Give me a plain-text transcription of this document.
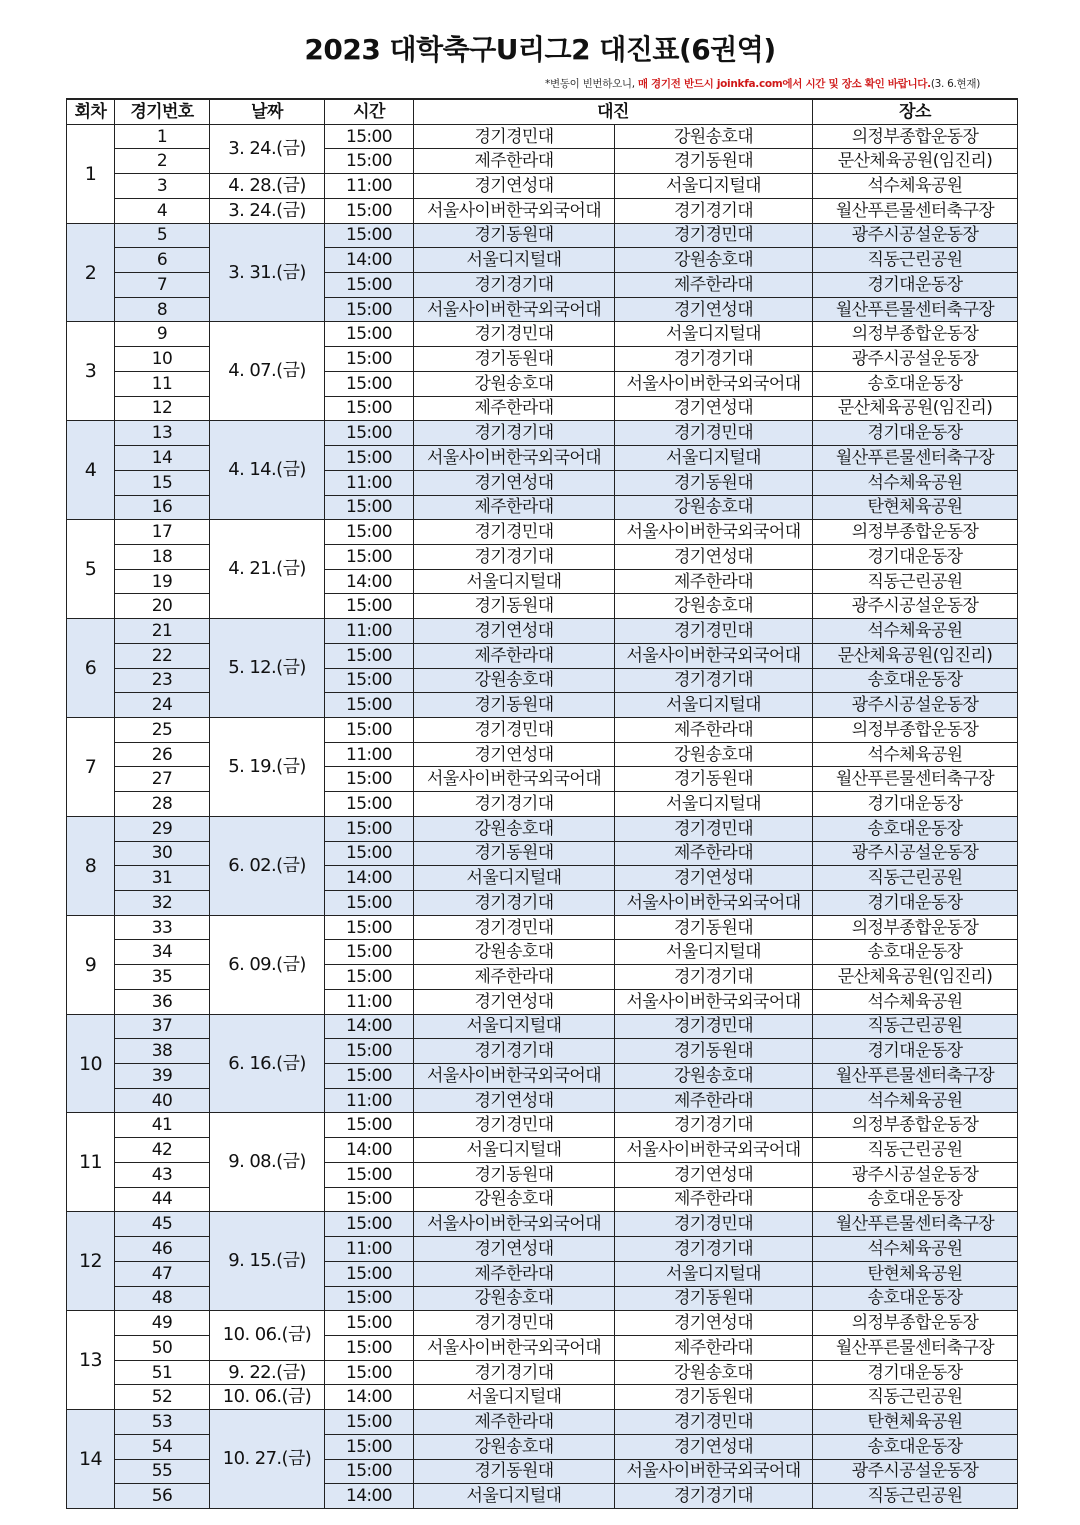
2023 대학축구U리그2 대진표(6권역)
*변동이 빈번하오니, 매 경기전 반드시 joinkfa.com에서 시간 및 장소 확인 바랍니다.(3. 6.현재)
회차	경기번호	날짜	시간	대진		장소
1	1	3. 24.(금)	15:00	경기경민대	강원송호대	의정부종합운동장
	2		15:00	제주한라대	경기동원대	문산체육공원(임진리)
	3	4. 28.(금)	11:00	경기연성대	서울디지털대	석수체육공원
	4	3. 24.(금)	15:00	서울사이버한국외국어대	경기경기대	월산푸른물센터축구장
2	5	3. 31.(금)	15:00	경기동원대	경기경민대	광주시공설운동장
	6		14:00	서울디지털대	강원송호대	직동근린공원
	7		15:00	경기경기대	제주한라대	경기대운동장
	8		15:00	서울사이버한국외국어대	경기연성대	월산푸른물센터축구장
3	9	4. 07.(금)	15:00	경기경민대	서울디지털대	의정부종합운동장
	10		15:00	경기동원대	경기경기대	광주시공설운동장
	11		15:00	강원송호대	서울사이버한국외국어대	송호대운동장
	12		15:00	제주한라대	경기연성대	문산체육공원(임진리)
4	13	4. 14.(금)	15:00	경기경기대	경기경민대	경기대운동장
	14		15:00	서울사이버한국외국어대	서울디지털대	월산푸른물센터축구장
	15		11:00	경기연성대	경기동원대	석수체육공원
	16		15:00	제주한라대	강원송호대	탄현체육공원
5	17	4. 21.(금)	15:00	경기경민대	서울사이버한국외국어대	의정부종합운동장
	18		15:00	경기경기대	경기연성대	경기대운동장
	19		14:00	서울디지털대	제주한라대	직동근린공원
	20		15:00	경기동원대	강원송호대	광주시공설운동장
6	21	5. 12.(금)	11:00	경기연성대	경기경민대	석수체육공원
	22		15:00	제주한라대	서울사이버한국외국어대	문산체육공원(임진리)
	23		15:00	강원송호대	경기경기대	송호대운동장
	24		15:00	경기동원대	서울디지털대	광주시공설운동장
7	25	5. 19.(금)	15:00	경기경민대	제주한라대	의정부종합운동장
	26		11:00	경기연성대	강원송호대	석수체육공원
	27		15:00	서울사이버한국외국어대	경기동원대	월산푸른물센터축구장
	28		15:00	경기경기대	서울디지털대	경기대운동장
8	29	6. 02.(금)	15:00	강원송호대	경기경민대	송호대운동장
	30		15:00	경기동원대	제주한라대	광주시공설운동장
	31		14:00	서울디지털대	경기연성대	직동근린공원
	32		15:00	경기경기대	서울사이버한국외국어대	경기대운동장
9	33	6. 09.(금)	15:00	경기경민대	경기동원대	의정부종합운동장
	34		15:00	강원송호대	서울디지털대	송호대운동장
	35		15:00	제주한라대	경기경기대	문산체육공원(임진리)
	36		11:00	경기연성대	서울사이버한국외국어대	석수체육공원
10	37	6. 16.(금)	14:00	서울디지털대	경기경민대	직동근린공원
	38		15:00	경기경기대	경기동원대	경기대운동장
	39		15:00	서울사이버한국외국어대	강원송호대	월산푸른물센터축구장
	40		11:00	경기연성대	제주한라대	석수체육공원
11	41	9. 08.(금)	15:00	경기경민대	경기경기대	의정부종합운동장
	42		14:00	서울디지털대	서울사이버한국외국어대	직동근린공원
	43		15:00	경기동원대	경기연성대	광주시공설운동장
	44		15:00	강원송호대	제주한라대	송호대운동장
12	45	9. 15.(금)	15:00	서울사이버한국외국어대	경기경민대	월산푸른물센터축구장
	46		11:00	경기연성대	경기경기대	석수체육공원
	47		15:00	제주한라대	서울디지털대	탄현체육공원
	48		15:00	강원송호대	경기동원대	송호대운동장
13	49	10. 06.(금)	15:00	경기경민대	경기연성대	의정부종합운동장
	50		15:00	서울사이버한국외국어대	제주한라대	월산푸른물센터축구장
	51	9. 22.(금)	15:00	경기경기대	강원송호대	경기대운동장
	52	10. 06.(금)	14:00	서울디지털대	경기동원대	직동근린공원
14	53	10. 27.(금)	15:00	제주한라대	경기경민대	탄현체육공원
	54		15:00	강원송호대	경기연성대	송호대운동장
	55		15:00	경기동원대	서울사이버한국외국어대	광주시공설운동장
	56		14:00	서울디지털대	경기경기대	직동근린공원
